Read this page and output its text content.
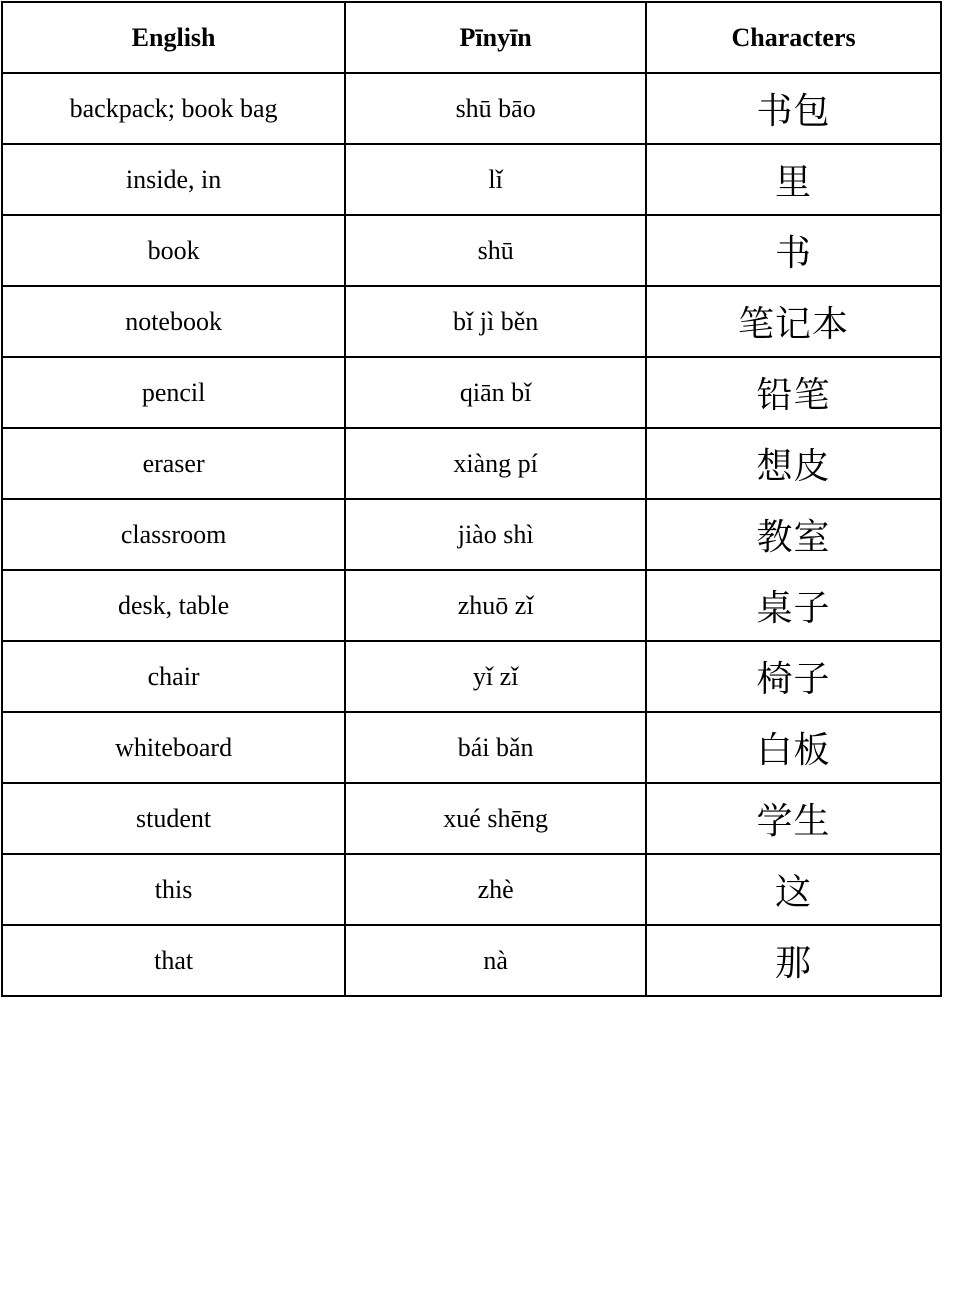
English	Pīnyīn	Characters
backpack; book bag	shū bāo	书包
inside, in	lǐ	里
book	shū	书
notebook	bǐ jì běn	笔记本
pencil	qiān bǐ	铅笔
eraser	xiàng pí	想皮
classroom	jiào shì	教室
desk, table	zhuō zǐ	桌子
chair	yǐ zǐ	椅子
whiteboard	bái bǎn	白板
student	xué shēng	学生
this	zhè	这
that	nà	那
